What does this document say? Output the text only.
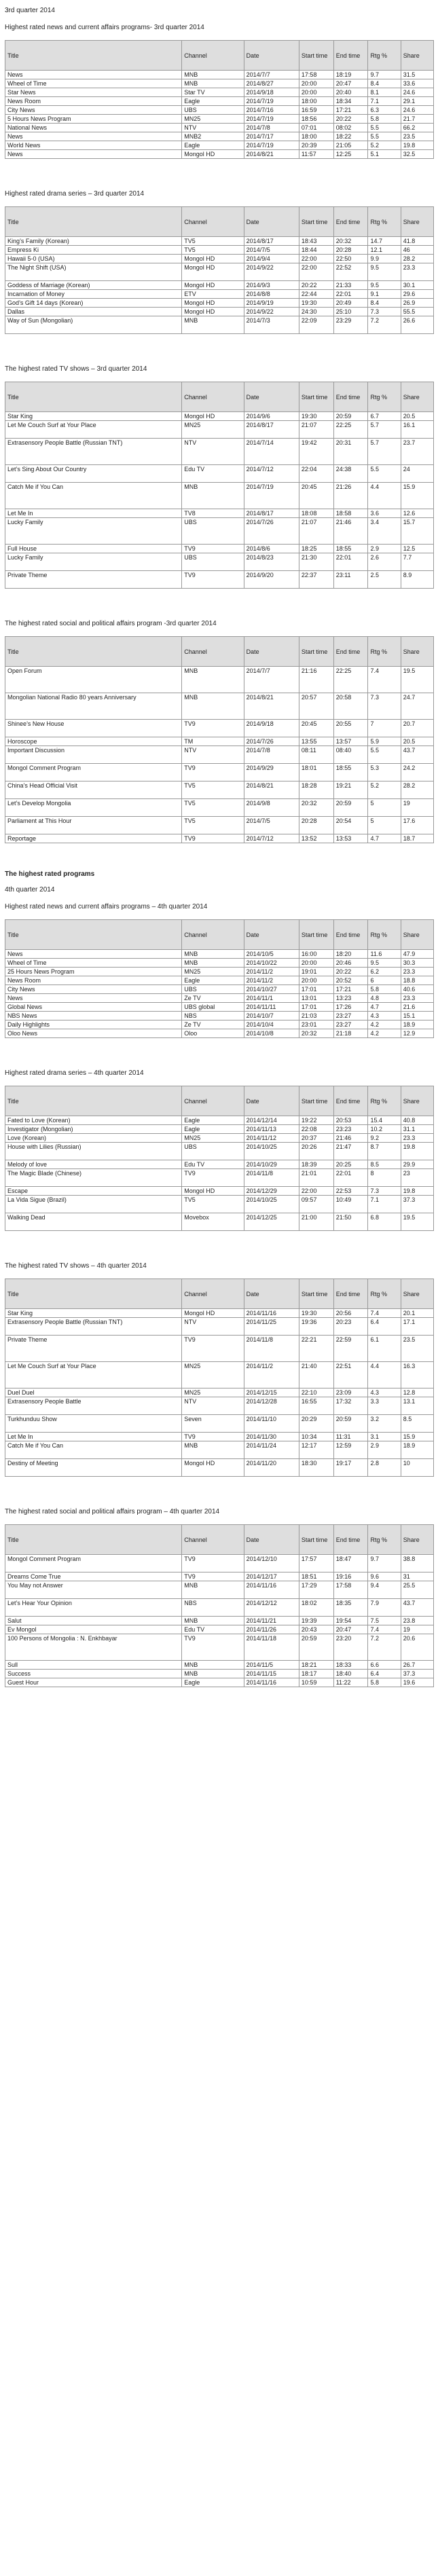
3rd quarter 2014
Highest rated news and current affairs programs- 3rd quarter 2014
Title	Channel	Date	Start time	End time	Rtg %	Share
News	MNB	2014/7/7	17:58	18:19	9.7	31.5
Wheel of Time	MNB	2014/8/27	20:00	20:47	8.4	33.6
Star News	Star TV	2014/9/18	20:00	20:40	8.1	24.6
News Room	Eagle	2014/7/19	18:00	18:34	7.1	29.1
City News	UBS	2014/7/16	16:59	17:21	6.3	24.6
5 Hours News Program	MN25	2014/7/19	18:56	20:22	5.8	21.7
National News	NTV	2014/7/8	07:01	08:02	5.5	66.2
News	MNB2	2014/7/17	18:00	18:22	5.5	23.5
World News	Eagle	2014/7/19	20:39	21:05	5.2	19.8
News	Mongol HD	2014/8/21	11:57	12:25	5.1	32.5
Highest rated drama series – 3rd quarter 2014
Title	Channel	Date	Start time	End time	Rtg %	Share
King’s Family (Korean)	TV5	2014/8/17	18:43	20:32	14.7	41.8
Empress Ki	TV5	2014/7/5	18:44	20:28	12.1	46
Hawaii 5-0 (USA)	Mongol HD	2014/9/4	22:00	22:50	9.9	28.2
The Night Shift (USA)	Mongol HD	2014/9/22	22:00	22:52	9.5	23.3
Goddess of Marriage (Korean)	Mongol HD	2014/9/3	20:22	21:33	9.5	30.1
Incarnation of Money	ETV	2014/8/8	22:44	22:01	9.1	29.6
God’s Gift 14 days (Korean)	Mongol HD	2014/9/19	19:30	20:49	8.4	26.9
Dallas	Mongol HD	2014/9/22	24:30	25:10	7.3	55.5
Way of Sun (Mongolian)	MNB	2014/7/3	22:09	23:29	7.2	26.6
The highest rated TV shows – 3rd quarter 2014
Title	Channel	Date	Start time	End time	Rtg %	Share
Star King	Mongol HD	2014/9/6	19:30	20:59	6.7	20.5
Let Me Couch Surf at Your Place	MN25	2014/8/17	21:07	22:25	5.7	16.1
Extrasensory People Battle (Russian TNT)	NTV	2014/7/14	19:42	20:31	5.7	23.7
Let’s Sing About Our Country	Edu TV	2014/7/12	22:04	24:38	5.5	24
Catch Me if You Can	MNB	2014/7/19	20:45	21:26	4.4	15.9
Let Me In	TV8	2014/8/17	18:08	18:58	3.6	12.6
Lucky Family	UBS	2014/7/26	21:07	21:46	3.4	15.7
Full House	TV9	2014/8/6	18:25	18:55	2.9	12.5
Lucky Family	UBS	2014/8/23	21:30	22:01	2.6	7.7
Private Theme	TV9	2014/9/20	22:37	23:11	2.5	8.9
The highest rated social and political affairs program -3rd quarter 2014
Title	Channel	Date	Start time	End time	Rtg %	Share
Open Forum	MNB	2014/7/7	21:16	22:25	7.4	19.5
Mongolian National Radio 80 years Anniversary	MNB	2014/8/21	20:57	20:58	7.3	24.7
Shinee’s New House	TV9	2014/9/18	20:45	20:55	7	20.7
Horoscope	TM	2014/7/26	13:55	13:57	5.9	20.5
Important Discussion	NTV	2014/7/8	08:11	08:40	5.5	43.7
Mongol Comment Program	TV9	2014/9/29	18:01	18:55	5.3	24.2
China’s Head Official Visit	TV5	2014/8/21	18:28	19:21	5.2	28.2
Let’s Develop Mongolia	TV5	2014/9/8	20:32	20:59	5	19
Parliament at This Hour	TV5	2014/7/5	20:28	20:54	5	17.6
Reportage	TV9	2014/7/12	13:52	13:53	4.7	18.7
The highest rated programs
4th quarter 2014
Highest rated news and current affairs programs – 4th quarter 2014
Title	Channel	Date	Start time	End time	Rtg %	Share
News	MNB	2014/10/5	16:00	18:20	11.6	47.9
Wheel of Time	MNB	2014/10/22	20:00	20:46	9.5	30.3
25 Hours News Program	MN25	2014/11/2	19:01	20:22	6.2	23.3
News Room	Eagle	2014/11/2	20:00	20:52	6	18.8
City News	UBS	2014/10/27	17:01	17:21	5.8	40.6
News	Ze TV	2014/11/1	13:01	13:23	4.8	23.3
Global News	UBS global	2014/11/11	17:01	17:26	4.7	21.6
NBS News	NBS	2014/10/7	21:03	23:27	4.3	15.1
Daily Highlights	Ze TV	2014/10/4	23:01	23:27	4.2	18.9
Oloo News	Oloo	2014/10/8	20:32	21:18	4.2	12.9
Highest rated drama series – 4th quarter 2014
Title	Channel	Date	Start time	End time	Rtg %	Share
Fated to Love (Korean)	Eagle	2014/12/14	19:22	20:53	15.4	40.8
Investigator (Mongolian)	Eagle	2014/11/13	22:08	23:23	10.2	31.1
Love (Korean)	MN25	2014/11/12	20:37	21:46	9.2	23.3
House with Lilies (Russian)	UBS	2014/10/25	20:26	21:47	8.7	19.8
Melody of love	Edu TV	2014/10/29	18:39	20:25	8.5	29.9
The Magic Blade (Chinese)	TV9	2014/11/8	21:01	22:01	8	23
Escape	Mongol HD	2014/12/29	22:00	22:53	7.3	19.8
La Vida Sigue (Brazil)	TV5	2014/10/25	09:57	10:49	7.1	37.3
Walking Dead	Movebox	2014/12/25	21:00	21:50	6.8	19.5
The highest rated TV shows – 4th quarter 2014
Title	Channel	Date	Start time	End time	Rtg %	Share
Star King	Mongol HD	2014/11/16	19:30	20:56	7.4	20.1
Extrasensory People Battle (Russian TNT)	NTV	2014/11/25	19:36	20:23	6.4	17.1
Private Theme	TV9	2014/11/8	22:21	22:59	6.1	23.5
Let Me Couch Surf at Your Place	MN25	2014/11/2	21:40	22:51	4.4	16.3
Duel Duel	MN25	2014/12/15	22:10	23:09	4.3	12.8
Extrasensory People Battle	NTV	2014/12/28	16:55	17:32	3.3	13.1
Turkhunduu Show	Seven	2014/11/10	20:29	20:59	3.2	8.5
Let Me In	TV9	2014/11/30	10:34	11:31	3.1	15.9
Catch Me if You Can	MNB	2014/11/24	12:17	12:59	2.9	18.9
Destiny of Meeting	Mongol HD	2014/11/20	18:30	19:17	2.8	10
The highest rated social and political affairs program – 4th quarter 2014
Title	Channel	Date	Start time	End time	Rtg %	Share
Mongol Comment Program	TV9	2014/12/10	17:57	18:47	9.7	38.8
Dreams Come True	TV9	2014/12/17	18:51	19:16	9.6	31
You May not Answer	MNB	2014/11/16	17:29	17:58	9.4	25.5
Let’s Hear Your Opinion	NBS	2014/12/12	18:02	18:35	7.9	43.7
Salut	MNB	2014/11/21	19:39	19:54	7.5	23.8
Ev Mongol	Edu TV	2014/11/26	20:43	20:47	7.4	19
100 Persons of Mongolia : N. Enkhbayar	TV9	2014/11/18	20:59	23:20	7.2	20.6
Sull	MNB	2014/11/5	18:21	18:33	6.6	26.7
Success	MNB	2014/11/15	18:17	18:40	6.4	37.3
Guest Hour	Eagle	2014/11/16	10:59	11:22	5.8	19.6
